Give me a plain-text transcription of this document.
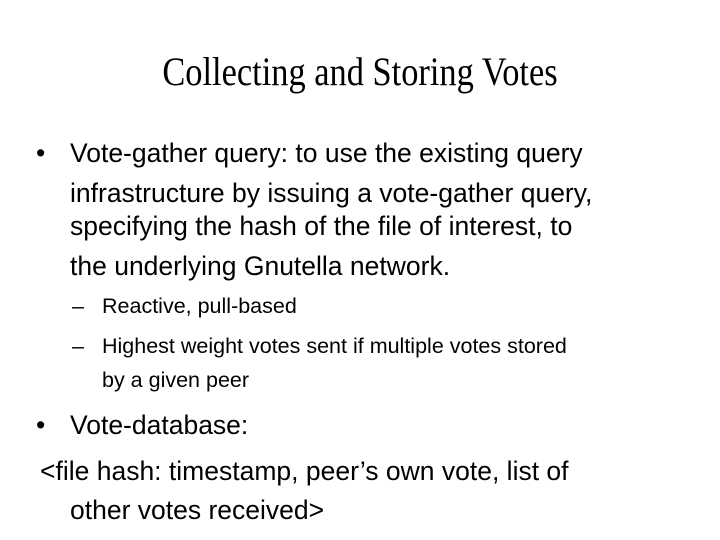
Collecting and Storing Votes
• Vote-gather query: to use the existing query
infrastructure by issuing a vote-gather query,
specifying the hash of the file of interest, to
the underlying Gnutella network.
– Reactive, pull-based
– Highest weight votes sent if multiple votes stored
by a given peer
• Vote-database:
<file hash: timestamp, peer’s own vote, list of
other votes received>
